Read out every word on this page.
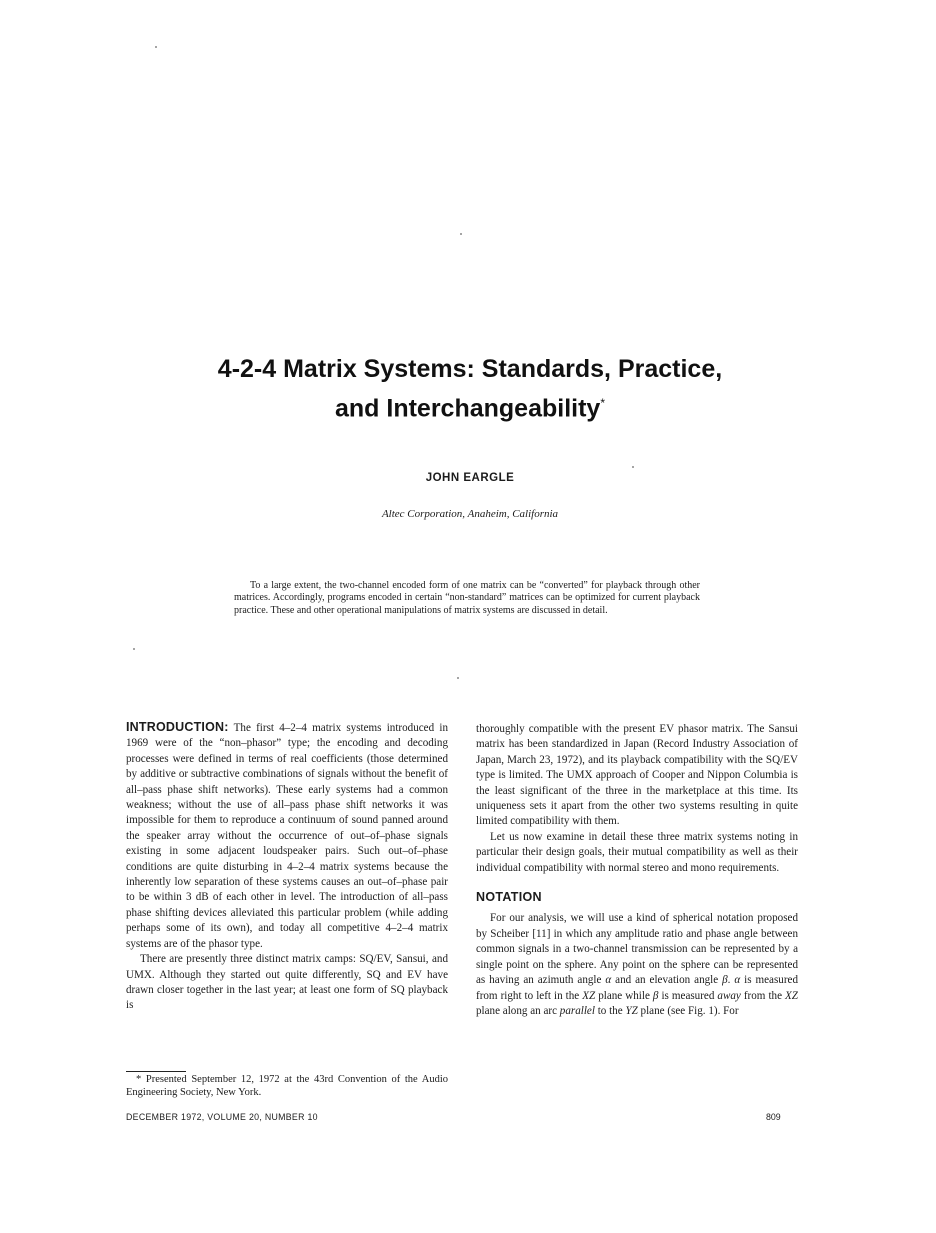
4-2-4 Matrix Systems: Standards, Practice,
and Interchangeability*
JOHN EARGLE
Altec Corporation, Anaheim, California
To a large extent, the two-channel encoded form of one matrix can be “converted” for playback through other matrices. Accordingly, programs encoded in certain “non-standard” matrices can be optimized for current playback practice. These and other operational manipulations of matrix systems are discussed in detail.

INTRODUCTION: The first 4–2–4 matrix systems introduced in 1969 were of the “non–phasor” type; the encoding and decoding processes were defined in terms of real coefficients (those determined by additive or subtractive combinations of signals without the benefit of all–pass phase shift networks). These early systems had a common weakness; without the use of all–pass phase shift networks it was impossible for them to reproduce a continuum of sound panned around the speaker array without the occurrence of out–of–phase signals existing in some adjacent loudspeaker pairs. Such out–of–phase conditions are quite disturbing in 4–2–4 matrix systems because the inherently low separation of these systems causes an out–of–phase pair to be within 3 dB of each other in level. The introduction of all–pass phase shifting devices alleviated this particular problem (while adding perhaps some of its own), and today all competitive 4–2–4 matrix systems are of the phasor type.

There are presently three distinct matrix camps: SQ/EV, Sansui, and UMX. Although they started out quite differently, SQ and EV have drawn closer together in the last year; at least one form of SQ playback is

thoroughly compatible with the present EV phasor matrix. The Sansui matrix has been standardized in Japan (Record Industry Association of Japan, March 23, 1972), and its playback compatibility with the SQ/EV type is limited. The UMX approach of Cooper and Nippon Columbia is the least significant of the three in the marketplace at this time. Its uniqueness sets it apart from the other two systems resulting in quite limited compatibility with them.

Let us now examine in detail these three matrix systems noting in particular their design goals, their mutual compatibility as well as their individual compatibility with normal stereo and mono requirements.

NOTATION

For our analysis, we will use a kind of spherical notation proposed by Scheiber [11] in which any amplitude ratio and phase angle between common signals in a two-channel transmission can be represented by a single point on the sphere. Any point on the sphere can be represented as having an azimuth angle α and an elevation angle β. α is measured from right to left in the XZ plane while β is measured away from the XZ plane along an arc parallel to the YZ plane (see Fig. 1). For

* Presented September 12, 1972 at the 43rd Convention of the Audio Engineering Society, New York.
DECEMBER 1972, VOLUME 20, NUMBER 10	809
